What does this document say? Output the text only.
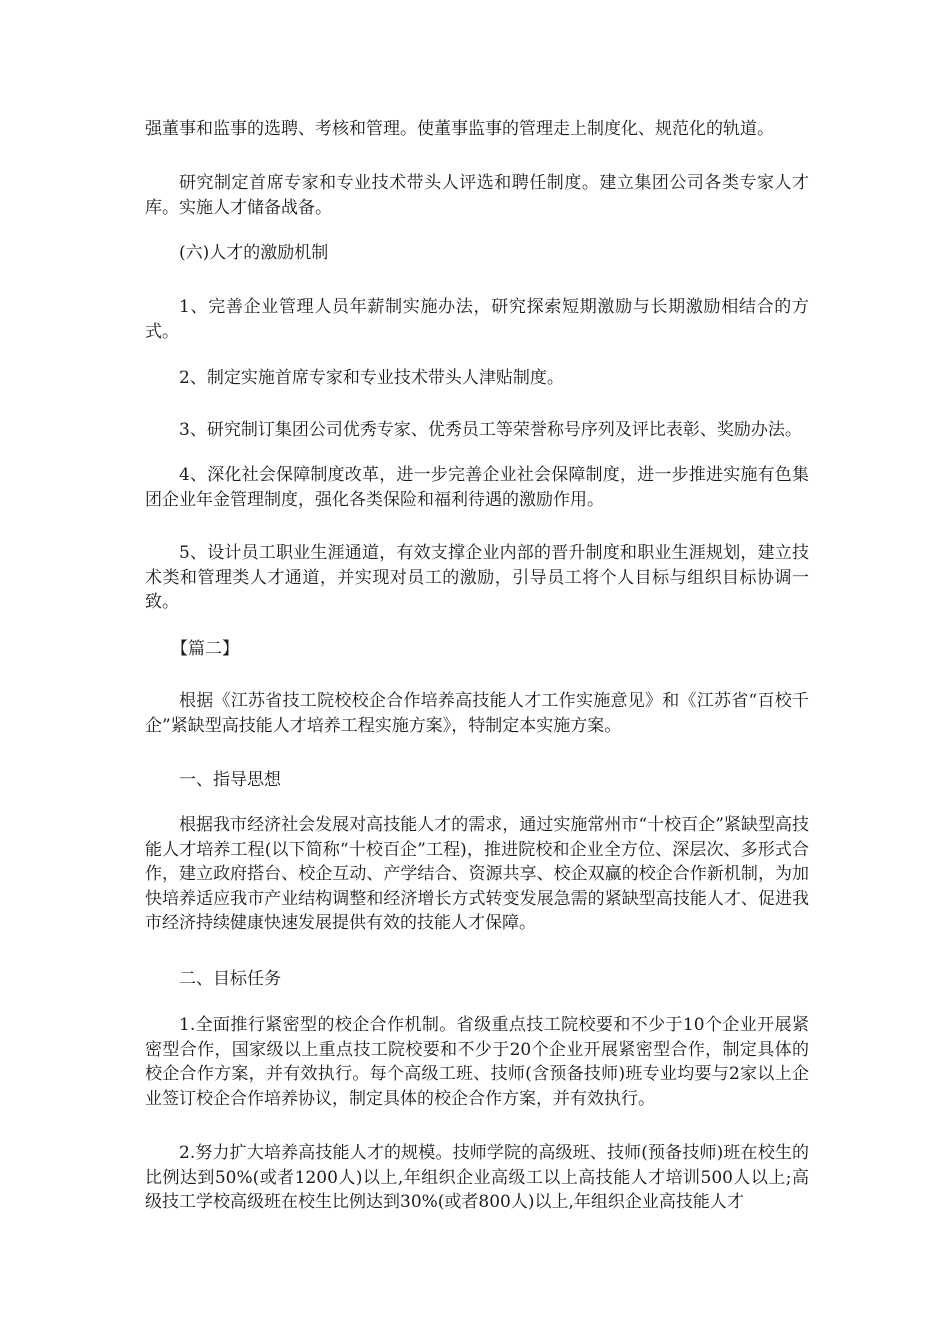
强董事和监事的选聘、考核和管理。使董事监事的管理走上制度化、规范化的轨道。

研究制定首席专家和专业技术带头人评选和聘任制度。建立集团公司各类专家人才库。实施人才储备战备。

(六)人才的激励机制

1、完善企业管理人员年薪制实施办法，研究探索短期激励与长期激励相结合的方式。

2、制定实施首席专家和专业技术带头人津贴制度。

3、研究制订集团公司优秀专家、优秀员工等荣誉称号序列及评比表彰、奖励办法。

4、深化社会保障制度改革，进一步完善企业社会保障制度，进一步推进实施有色集团企业年金管理制度，强化各类保险和福利待遇的激励作用。

5、设计员工职业生涯通道，有效支撑企业内部的晋升制度和职业生涯规划，建立技术类和管理类人才通道，并实现对员工的激励，引导员工将个人目标与组织目标协调一致。

【篇二】

根据《江苏省技工院校校企合作培养高技能人才工作实施意见》和《江苏省“百校千企”紧缺型高技能人才培养工程实施方案》，特制定本实施方案。

一、指导思想

根据我市经济社会发展对高技能人才的需求，通过实施常州市“十校百企”紧缺型高技能人才培养工程(以下简称“十校百企”工程)，推进院校和企业全方位、深层次、多形式合作，建立政府搭台、校企互动、产学结合、资源共享、校企双赢的校企合作新机制，为加快培养适应我市产业结构调整和经济增长方式转变发展急需的紧缺型高技能人才、促进我市经济持续健康快速发展提供有效的技能人才保障。

二、目标任务

1.全面推行紧密型的校企合作机制。省级重点技工院校要和不少于10个企业开展紧密型合作，国家级以上重点技工院校要和不少于20个企业开展紧密型合作，制定具体的校企合作方案，并有效执行。每个高级工班、技师(含预备技师)班专业均要与2家以上企业签订校企合作培养协议，制定具体的校企合作方案，并有效执行。

2.努力扩大培养高技能人才的规模。技师学院的高级班、技师(预备技师)班在校生的比例达到50%(或者1200人)以上,年组织企业高级工以上高技能人才培训500人以上;高级技工学校高级班在校生比例达到30%(或者800人)以上,年组织企业高技能人才
